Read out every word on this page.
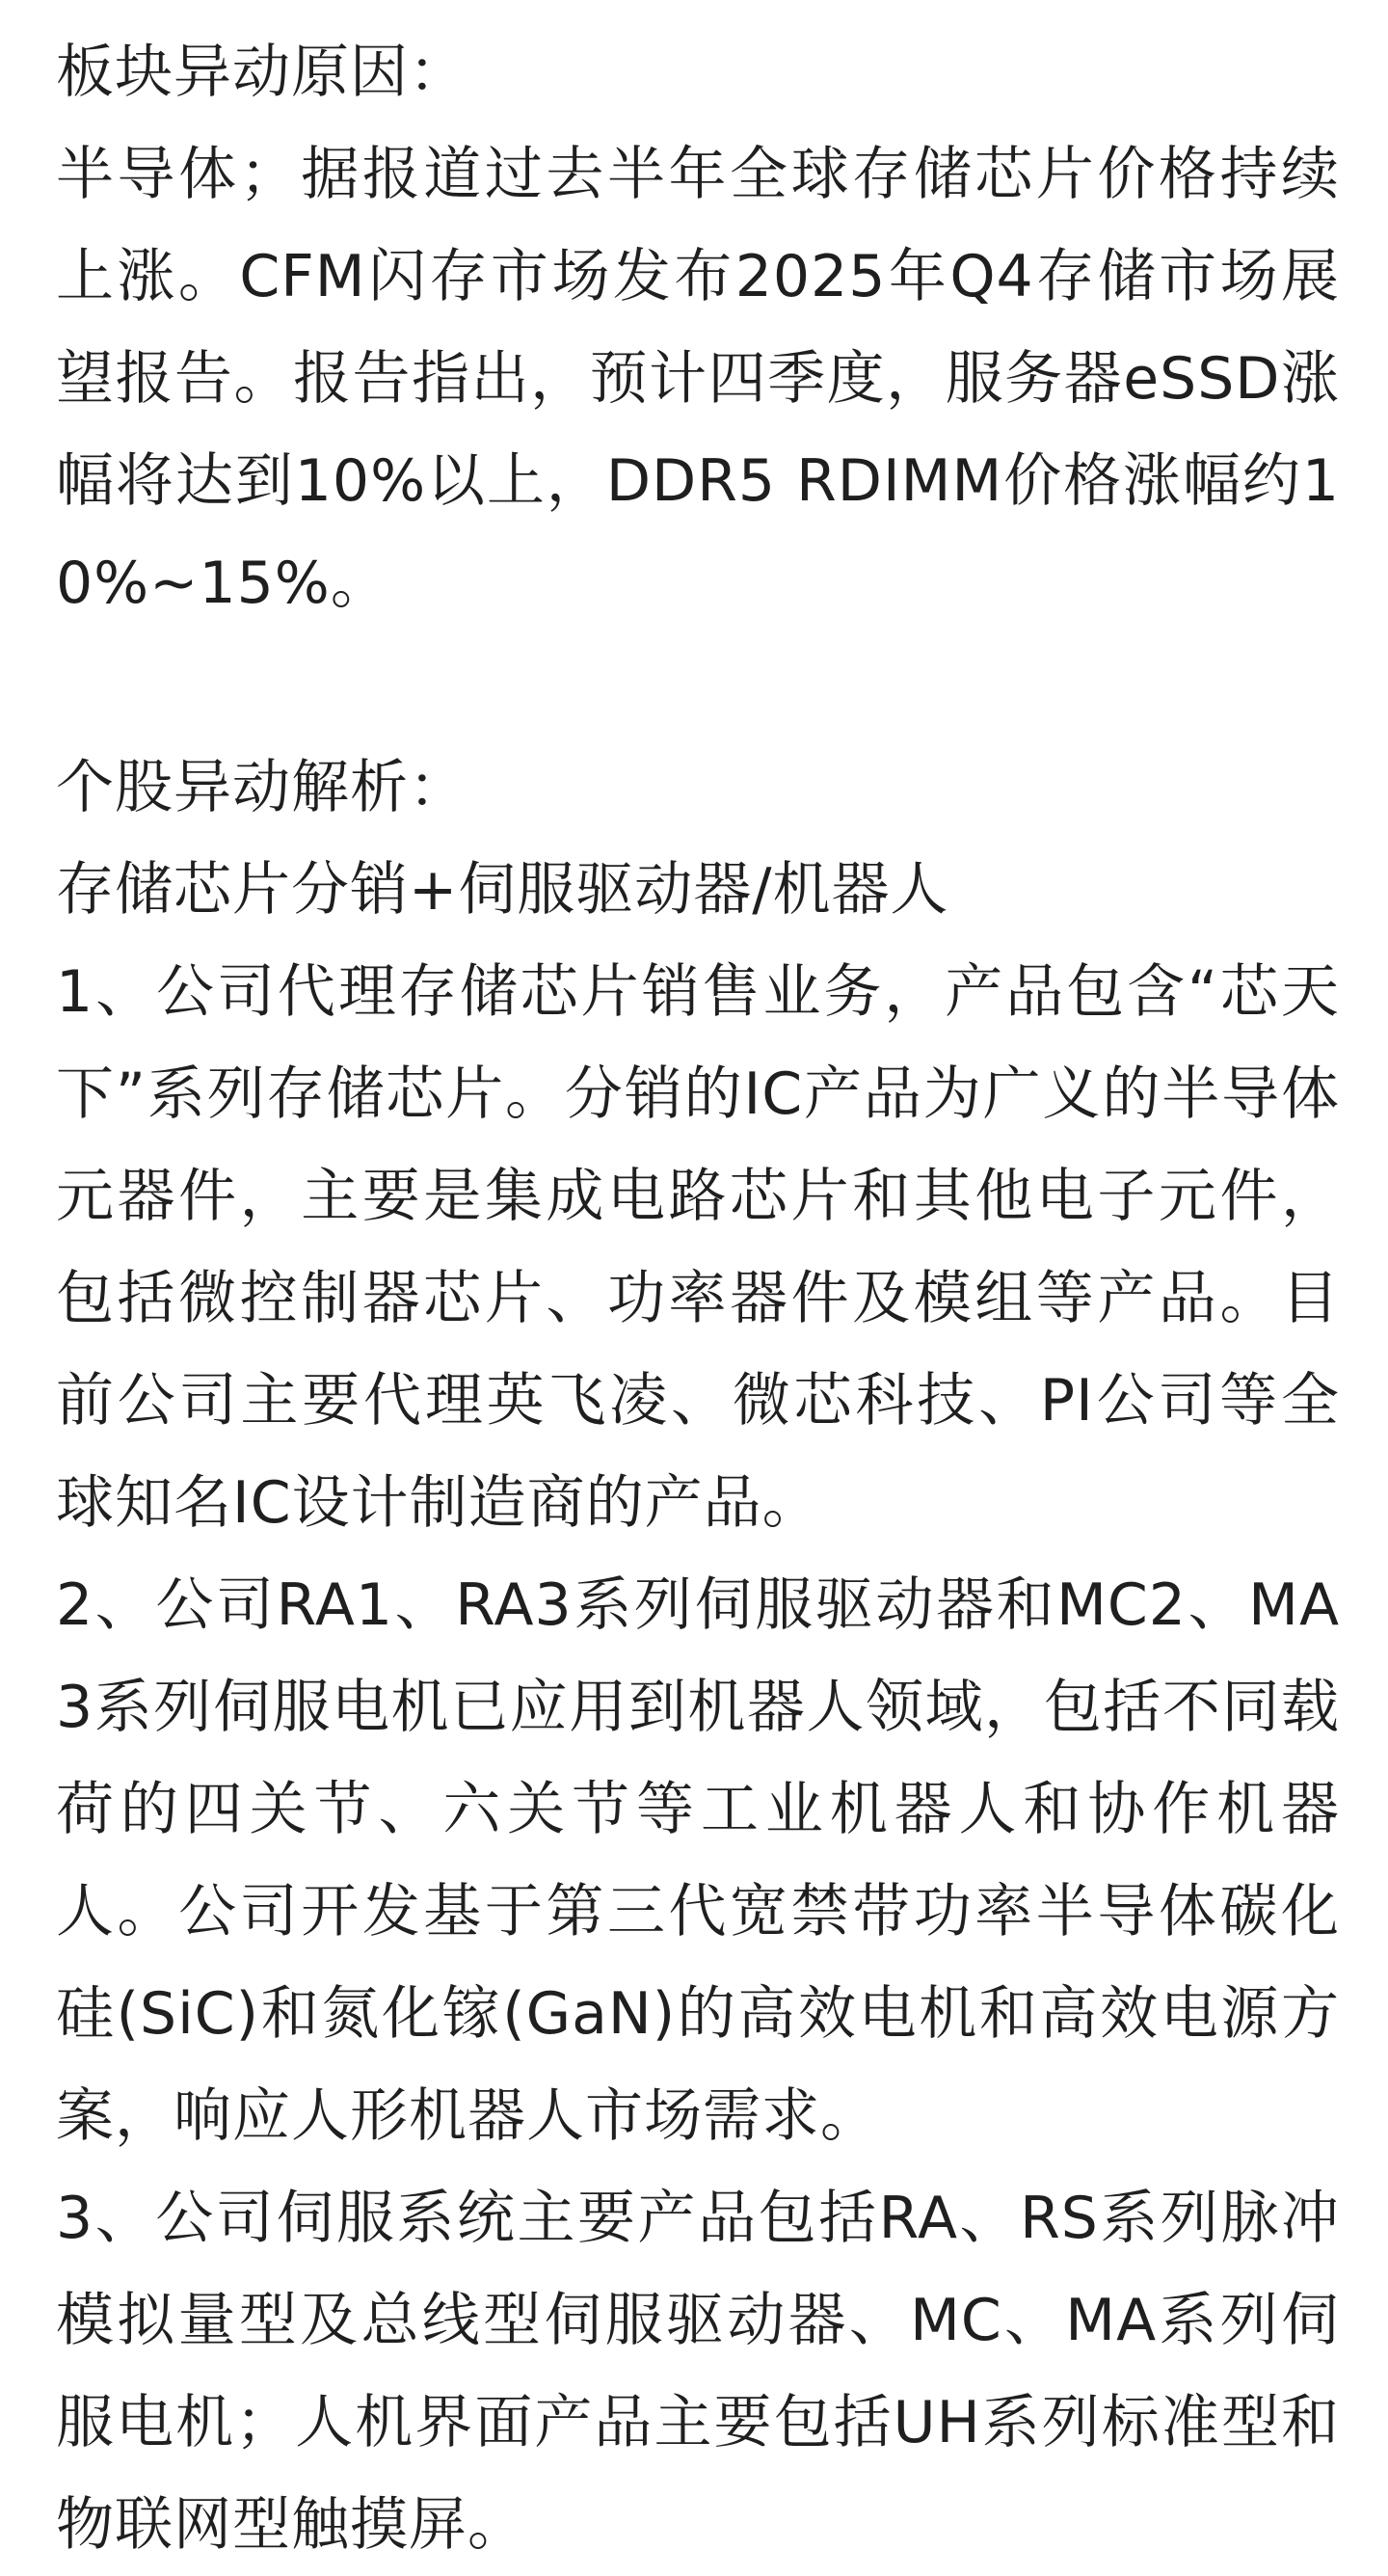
板块异动原因：

半导体；据报道过去半年全球存储芯片价格持续上涨。CFM闪存市场发布2025年Q4存储市场展望报告。报告指出，预计四季度，服务器eSSD涨幅将达到10%以上，DDR5 RDIMM价格涨幅约10%~15%。

个股异动解析：

存储芯片分销+伺服驱动器/机器人

1、公司代理存储芯片销售业务，产品包含“芯天下”系列存储芯片。分销的IC产品为广义的半导体元器件，主要是集成电路芯片和其他电子元件，包括微控制器芯片、功率器件及模组等产品。目前公司主要代理英飞凌、微芯科技、PI公司等全球知名IC设计制造商的产品。

2、公司RA1、RA3系列伺服驱动器和MC2、MA3系列伺服电机已应用到机器人领域，包括不同载荷的四关节、六关节等工业机器人和协作机器人。公司开发基于第三代宽禁带功率半导体碳化硅(SiC)和氮化镓(GaN)的高效电机和高效电源方案，响应人形机器人市场需求。

3、公司伺服系统主要产品包括RA、RS系列脉冲模拟量型及总线型伺服驱动器、MC、MA系列伺服电机；人机界面产品主要包括UH系列标准型和物联网型触摸屏。
